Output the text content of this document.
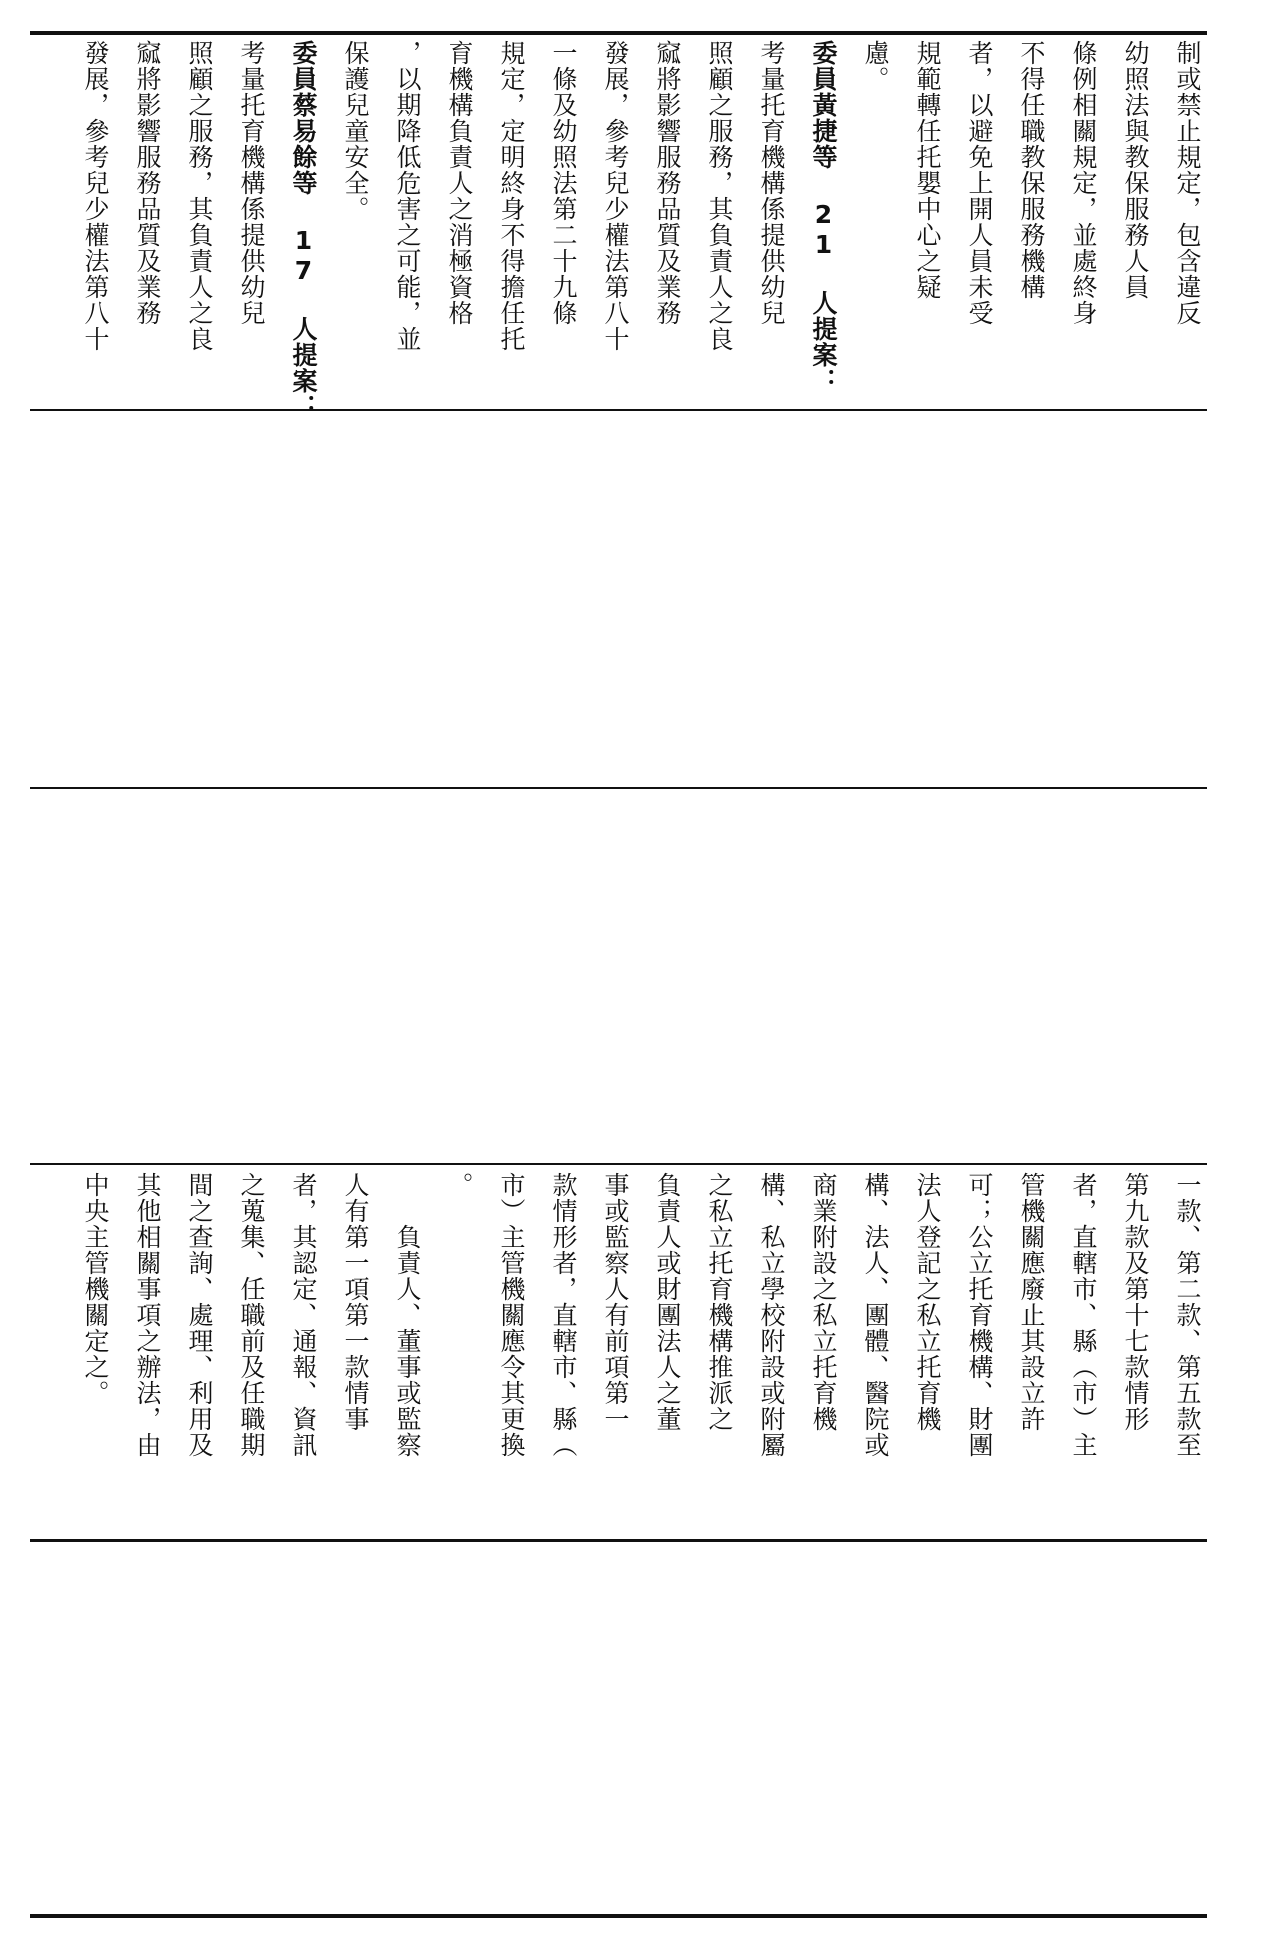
制或禁止規定，包含違反
幼照法與教保服務人員
條例相關規定，並處終身
不得任職教保服務機構
者，以避免上開人員未受
規範轉任托嬰中心之疑
慮。
委員黃捷等 21 人提案：
考量托育機構係提供幼兒
照顧之服務，其負責人之良
窳將影響服務品質及業務
發展，參考兒少權法第八十
一條及幼照法第二十九條
規定，定明終身不得擔任托
育機構負責人之消極資格
，以期降低危害之可能，並
保護兒童安全。
委員蔡易餘等 17 人提案：
考量托育機構係提供幼兒
照顧之服務，其負責人之良
窳將影響服務品質及業務
發展，參考兒少權法第八十
一款、第二款、第五款至
第九款及第十七款情形
者，直轄市、縣（市）主
管機關應廢止其設立許
可；公立托育機構、財團
法人登記之私立托育機
構、法人、團體、醫院或
商業附設之私立托育機
構、私立學校附設或附屬
之私立托育機構推派之
負責人或財團法人之董
事或監察人有前項第一
款情形者，直轄市、縣（
市）主管機關應令其更換
。
　　負責人、董事或監察
人有第一項第一款情事
者，其認定、通報、資訊
之蒐集、任職前及任職期
間之查詢、處理、利用及
其他相關事項之辦法，由
中央主管機關定之。
